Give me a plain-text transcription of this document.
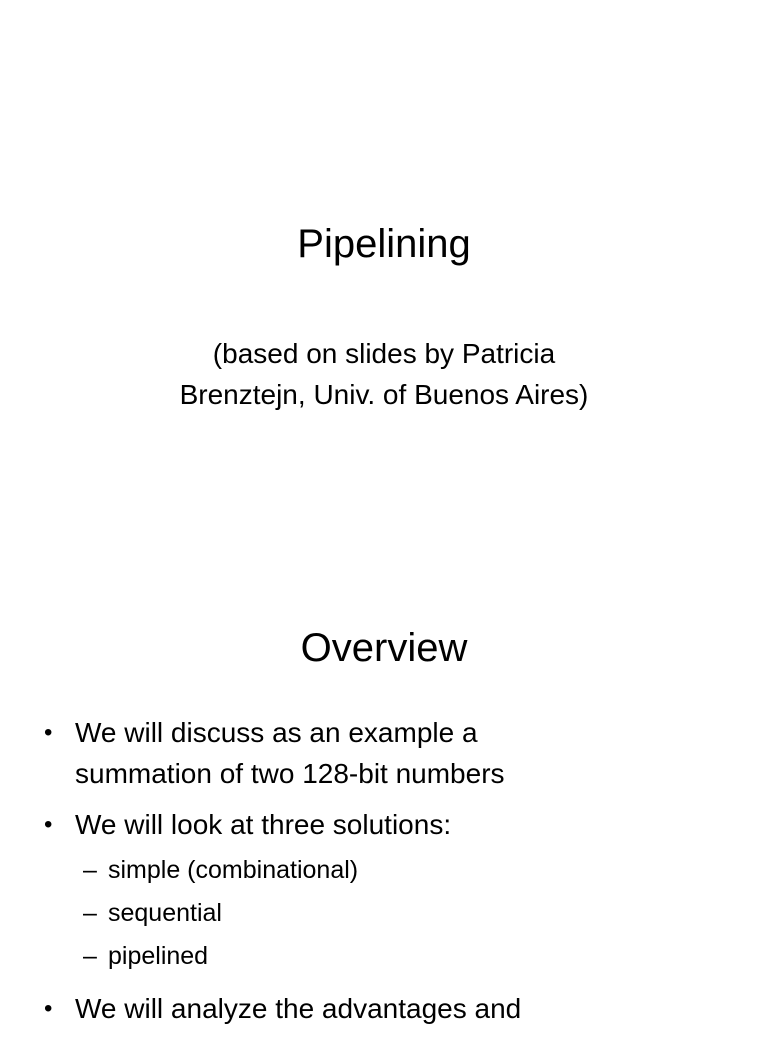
Pipelining
(based on slides by Patricia
Brenztejn, Univ. of Buenos Aires)
Overview
• We will discuss as an example a
summation of two 128-bit numbers
• We will look at three solutions:
– simple (combinational)
– sequential
– pipelined
• We will analyze the advantages and
